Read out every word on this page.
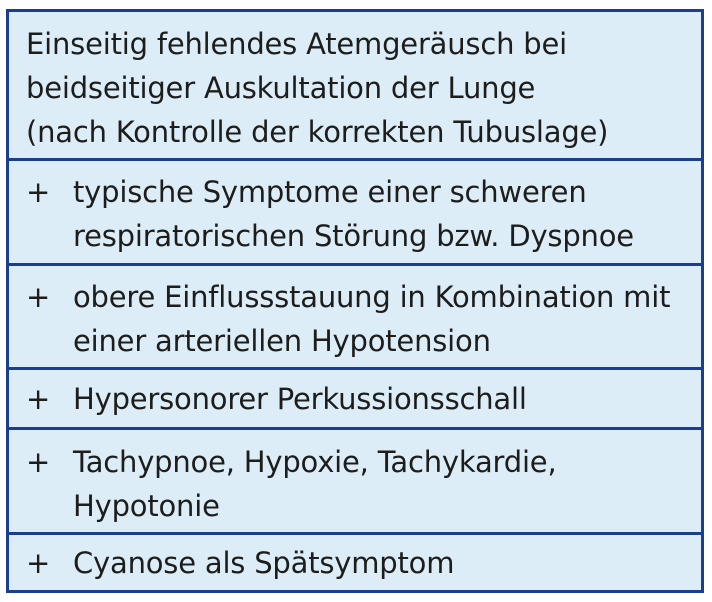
Einseitig fehlendes Atemgeräusch bei
beidseitiger Auskultation der Lunge
(nach Kontrolle der korrekten Tubuslage)
+ typische Symptome einer schweren
respiratorischen Störung bzw. Dyspnoe
+ obere Einflussstauung in Kombination mit
einer arteriellen Hypotension
+ Hypersonorer Perkussionsschall
+ Tachypnoe, Hypoxie, Tachykardie,
Hypotonie
+ Cyanose als Spätsymptom
